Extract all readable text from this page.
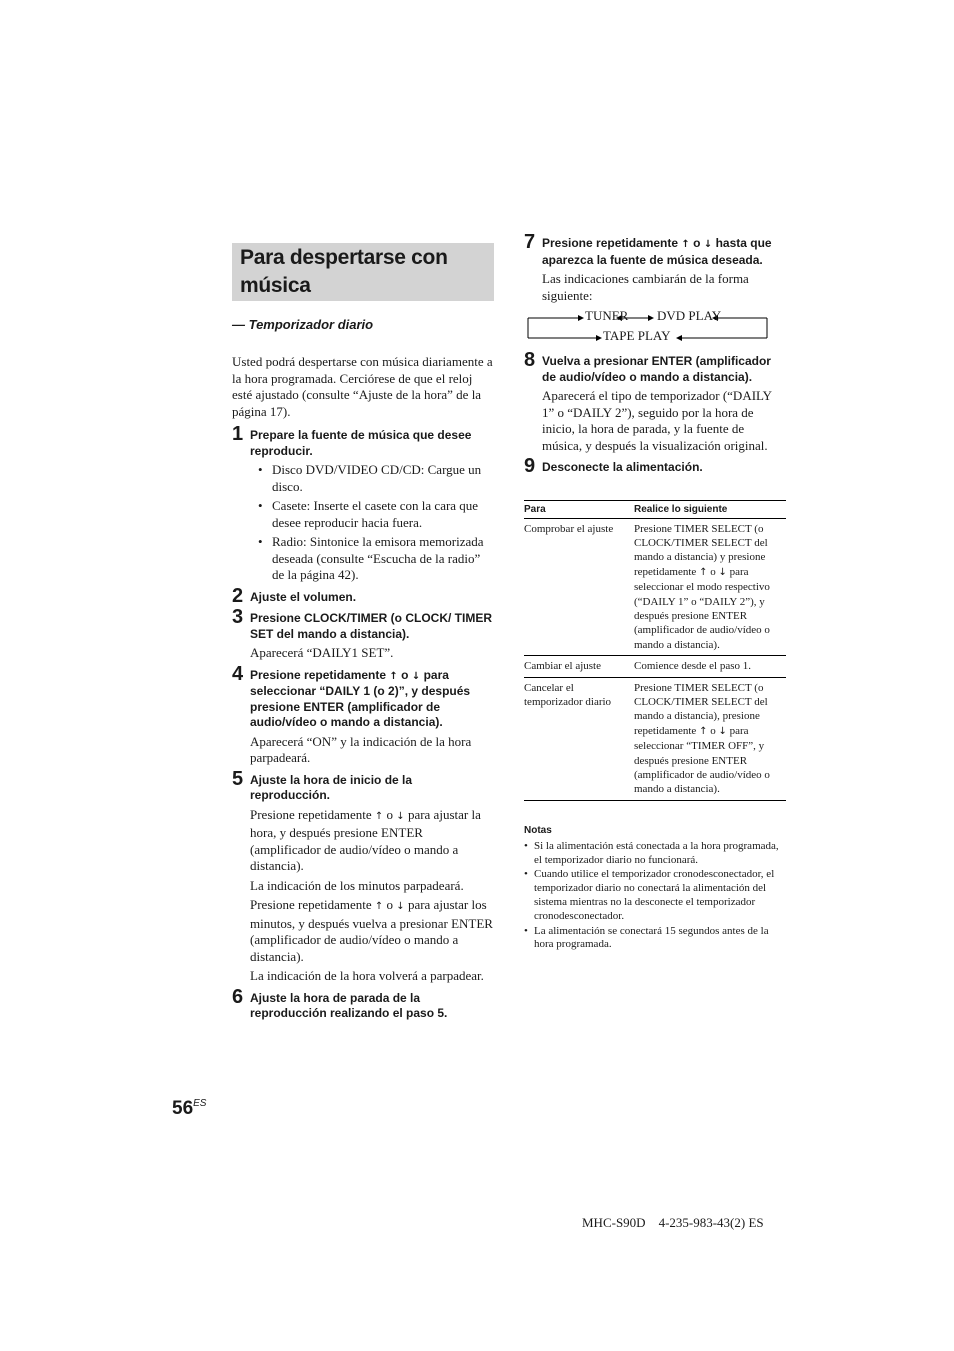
Para despertarse con música
— Temporizador diario
Usted podrá despertarse con música diariamente a la hora programada. Cerciórese de que el reloj esté ajustado (consulte “Ajuste de la hora” de la página 17).
1 Prepare la fuente de música que desee reproducir.
• Disco DVD/VIDEO CD/CD: Cargue un disco.
• Casete: Inserte el casete con la cara que desee reproducir hacia fuera.
• Radio: Sintonice la emisora memorizada deseada (consulte “Escucha de la radio” de la página 42).
2 Ajuste el volumen.
3 Presione CLOCK/TIMER (o CLOCK/ TIMER SET del mando a distancia).

Aparecerá “DAILY1 SET”.

4 Presione repetidamente ↑ o ↓ para seleccionar “DAILY 1 (o 2)”, y después presione ENTER (amplificador de audio/vídeo o mando a distancia).

Aparecerá “ON” y la indicación de la hora parpadeará.

5 Ajuste la hora de inicio de la reproducción.

Presione repetidamente ↑ o ↓ para ajustar la hora, y después presione ENTER (amplificador de audio/vídeo o mando a distancia).

La indicación de los minutos parpadeará.

Presione repetidamente ↑ o ↓ para ajustar los minutos, y después vuelva a presionar ENTER (amplificador de audio/vídeo o mando a distancia).

La indicación de la hora volverá a parpadear.

6 Ajuste la hora de parada de la reproducción realizando el paso 5.
7 Presione repetidamente ↑ o ↓ hasta que aparezca la fuente de música deseada.

Las indicaciones cambiarán de la forma siguiente:

TUNER DVD PLAY
TAPE PLAY
8 Vuelva a presionar ENTER (amplificador de audio/vídeo o mando a distancia).

Aparecerá el tipo de temporizador (“DAILY 1” o “DAILY 2”), seguido por la hora de inicio, la hora de parada, y la fuente de música, y después la visualización original.

9 Desconecte la alimentación.
Para	Realice lo siguiente
Comprobar el ajuste	Presione TIMER SELECT (o CLOCK/TIMER SELECT del mando a distancia) y presione repetidamente ↑ o ↓ para seleccionar el modo respectivo (“DAILY 1” o “DAILY 2”), y después presione ENTER (amplificador de audio/vídeo o mando a distancia).
Cambiar el ajuste	Comience desde el paso 1.
Cancelar el temporizador diario	Presione TIMER SELECT (o CLOCK/TIMER SELECT del mando a distancia), presione repetidamente ↑ o ↓ para seleccionar “TIMER OFF”, y después presione ENTER (amplificador de audio/vídeo o mando a distancia).
Notas
• Si la alimentación está conectada a la hora programada, el temporizador diario no funcionará.
• Cuando utilice el temporizador cronodesconectador, el temporizador diario no conectará la alimentación del sistema mientras no la desconecte el temporizador cronodesconectador.
• La alimentación se conectará 15 segundos antes de la hora programada.
$56^{ES}$
MHC-S90D    4-235-983-43(2) ES
